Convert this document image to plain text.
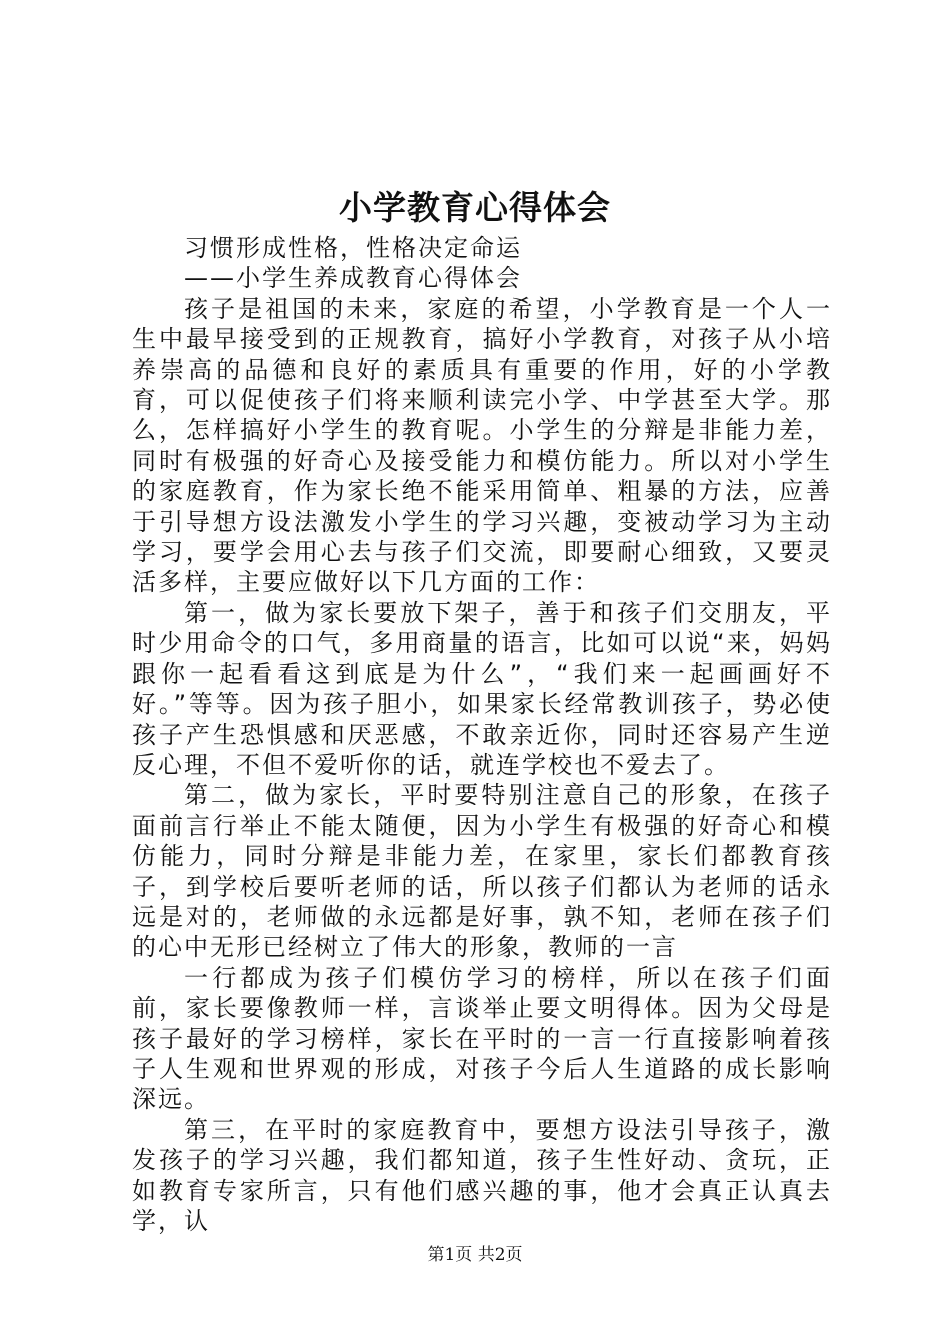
小学教育心得体会

习惯形成性格，性格决定命运

——小学生养成教育心得体会

孩子是祖国的未来，家庭的希望，小学教育是一个人一生中最早接受到的正规教育，搞好小学教育，对孩子从小培养崇高的品德和良好的素质具有重要的作用，好的小学教育，可以促使孩子们将来顺利读完小学、中学甚至大学。那么，怎样搞好小学生的教育呢。小学生的分辩是非能力差，同时有极强的好奇心及接受能力和模仿能力。所以对小学生的家庭教育，作为家长绝不能采用简单、粗暴的方法，应善于引导想方设法激发小学生的学习兴趣，变被动学习为主动学习，要学会用心去与孩子们交流，即要耐心细致，又要灵活多样，主要应做好以下几方面的工作：

第一，做为家长要放下架子，善于和孩子们交朋友，平时少用命令的口气，多用商量的语言，比如可以说“来，妈妈跟你一起看看这到底是为什么”，“我们来一起画画好不好。”等等。因为孩子胆小，如果家长经常教训孩子，势必使孩子产生恐惧感和厌恶感，不敢亲近你，同时还容易产生逆反心理，不但不爱听你的话，就连学校也不爱去了。

第二，做为家长，平时要特别注意自己的形象，在孩子面前言行举止不能太随便，因为小学生有极强的好奇心和模仿能力，同时分辩是非能力差，在家里，家长们都教育孩子，到学校后要听老师的话，所以孩子们都认为老师的话永远是对的，老师做的永远都是好事，孰不知，老师在孩子们的心中无形已经树立了伟大的形象，教师的一言

一行都成为孩子们模仿学习的榜样，所以在孩子们面前，家长要像教师一样，言谈举止要文明得体。因为父母是孩子最好的学习榜样，家长在平时的一言一行直接影响着孩子人生观和世界观的形成，对孩子今后人生道路的成长影响深远。

第三，在平时的家庭教育中，要想方设法引导孩子，激发孩子的学习兴趣，我们都知道，孩子生性好动、贪玩，正如教育专家所言，只有他们感兴趣的事，他才会真正认真去学，认

第1页 共2页
